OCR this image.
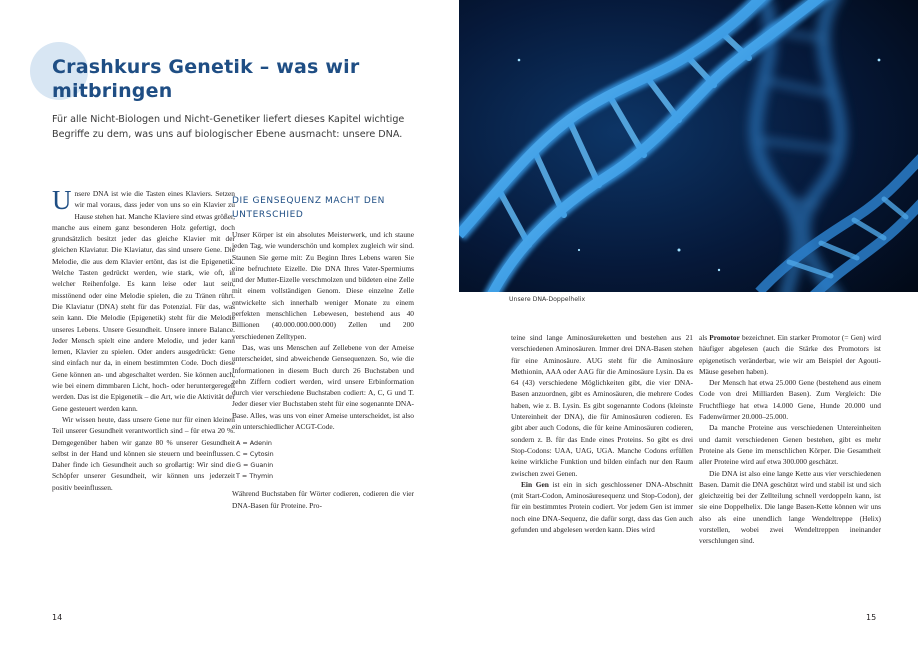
Crashkurs Genetik – was wir mitbringen

Für alle Nicht-Biologen und Nicht-Genetiker liefert dieses Kapitel wichtige Begriffe zu dem, was uns auf biologischer Ebene ausmacht: unsere DNA.

Unsere DNA ist wie die Tasten eines Klaviers. Setzen wir mal voraus, dass jeder von uns so ein Klavier zu Hause stehen hat. Manche Klaviere sind etwas größer, manche aus einem ganz besonderen Holz gefertigt, doch grundsätzlich besitzt jeder das gleiche Klavier mit der gleichen Klaviatur. Die Klaviatur, das sind unsere Gene. Die Melodie, die aus dem Klavier ertönt, das ist die Epigenetik. Welche Tasten gedrückt werden, wie stark, wie oft, in welcher Reihenfolge. Es kann leise oder laut sein, misstönend oder eine Melodie spielen, die zu Tränen rührt. Die Klaviatur (DNA) steht für das Potenzial. Für das, was sein kann. Die Melodie (Epigenetik) steht für die Melodie unseres Lebens. Unsere Gesundheit. Unsere innere Balance. Jeder Mensch spielt eine andere Melodie, und jeder kann lernen, Klavier zu spielen. Oder anders ausgedrückt: Gene sind einfach nur da, in einem bestimmten Code. Doch diese Gene können an- und abgeschaltet werden. Sie können auch, wie bei einem dimmbaren Licht, hoch- oder heruntergeregelt werden. Das ist die Epigenetik – die Art, wie die Aktivität der Gene gesteuert werden kann.

Wir wissen heute, dass unsere Gene nur für einen kleinen Teil unserer Gesundheit verantwortlich sind – für etwa 20 %. Demgegenüber haben wir ganze 80 % unserer Gesundheit selbst in der Hand und können sie steuern und beeinflussen. Daher finde ich Gesundheit auch so großartig: Wir sind die Schöpfer unserer Gesundheit, wir können uns jederzeit positiv beeinflussen.

DIE GENSEQUENZ MACHT DEN UNTERSCHIED

Unser Körper ist ein absolutes Meisterwerk, und ich staune jeden Tag, wie wunderschön und komplex zugleich wir sind. Staunen Sie gerne mit: Zu Beginn Ihres Lebens waren Sie eine befruchtete Eizelle. Die DNA Ihres Vater-Spermiums und der Mutter-Eizelle verschmolzen und bildeten eine Zelle mit einem vollständigen Genom. Diese einzelne Zelle entwickelte sich innerhalb weniger Monate zu einem perfekten menschlichen Lebewesen, bestehend aus 40 Billionen (40.000.000.000.000) Zellen und 200 verschiedenen Zelltypen.

Das, was uns Menschen auf Zellebene von der Ameise unterscheidet, sind abweichende Gensequenzen. So, wie die Informationen in diesem Buch durch 26 Buchstaben und zehn Ziffern codiert werden, wird unsere Erbinformation durch vier verschiedene Buchstaben codiert: A, C, G und T. Jeder dieser vier Buchstaben steht für eine sogenannte DNA-Base. Alles, was uns von einer Ameise unterscheidet, ist also ein unterschiedlicher ACGT-Code.

A = Adenin
C = Cytosin
G = Guanin
T = Thymin

Während Buchstaben für Wörter codieren, codieren die vier DNA-Basen für Proteine. Pro-

14
Unsere DNA-Doppelhelix

teine sind lange Aminosäureketten und bestehen aus 21 verschiedenen Aminosäuren. Immer drei DNA-Basen stehen für eine Aminosäure. AUG steht für die Aminosäure Methionin, AAA oder AAG für die Aminosäure Lysin. Da es 64 (43) verschiedene Möglichkeiten gibt, die vier DNA-Basen anzuordnen, gibt es Aminosäuren, die mehrere Codes haben, wie z. B. Lysin. Es gibt sogenannte Codons (kleinste Untereinheit der DNA), die für Aminosäuren codieren. Es gibt aber auch Codons, die für keine Aminosäuren codieren, sondern z. B. für das Ende eines Proteins. So gibt es drei Stop-Codons: UAA, UAG, UGA. Manche Codons erfüllen keine wirkliche Funktion und bilden einfach nur den Raum zwischen zwei Genen.

Ein Gen ist ein in sich geschlossener DNA-Abschnitt (mit Start-Codon, Aminosäuresequenz und Stop-Codon), der für ein bestimmtes Protein codiert. Vor jedem Gen ist immer noch eine DNA-Sequenz, die dafür sorgt, dass das Gen auch gefunden und abgelesen werden kann. Dies wird

als Promotor bezeichnet. Ein starker Promotor (= Gen) wird häufiger abgelesen (auch die Stärke des Promotors ist epigenetisch veränderbar, wie wir am Beispiel der Agouti-Mäuse gesehen haben).

Der Mensch hat etwa 25.000 Gene (bestehend aus einem Code von drei Milliarden Basen). Zum Vergleich: Die Fruchtfliege hat etwa 14.000 Gene, Hunde 20.000 und Fadenwürmer 20.000–25.000.

Da manche Proteine aus verschiedenen Untereinheiten und damit verschiedenen Genen bestehen, gibt es mehr Proteine als Gene im menschlichen Körper. Die Gesamtheit aller Proteine wird auf etwa 300.000 geschätzt.

Die DNA ist also eine lange Kette aus vier verschiedenen Basen. Damit die DNA geschützt wird und stabil ist und sich gleichzeitig bei der Zellteilung schnell verdoppeln kann, ist sie eine Doppelhelix. Die lange Basen-Kette können wir uns also als eine unendlich lange Wendeltreppe (Helix) vorstellen, wobei zwei Wendeltreppen ineinander verschlungen sind.

15
